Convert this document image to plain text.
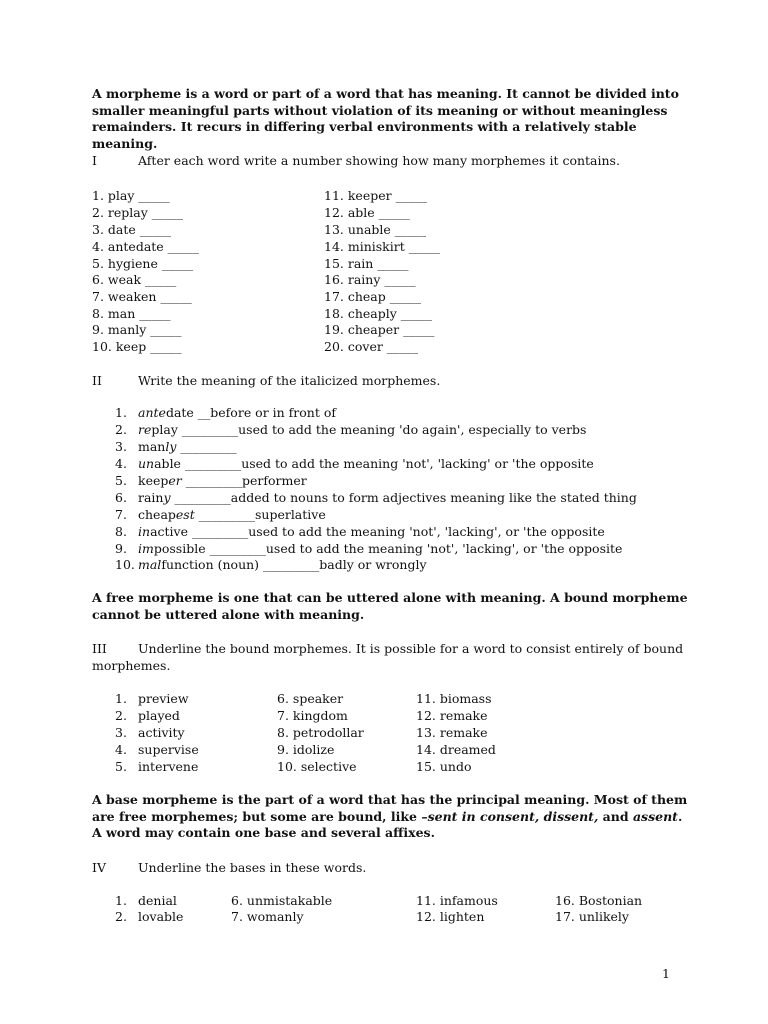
A morpheme is a word or part of a word that has meaning. It cannot be divided into smaller meaningful parts without violation of its meaning or without meaningless remainders. It recurs in differing verbal environments with a relatively stable meaning.
I	After each word write a number showing how many morphemes it contains.
1. play _____
2. replay _____
3. date _____
4. antedate _____
5. hygiene _____
6. weak _____
7. weaken _____
8. man _____
9. manly _____
10. keep _____
11. keeper _____
12. able _____
13. unable _____
14. miniskirt _____
15. rain _____
16. rainy _____
17. cheap _____
18. cheaply _____
19. cheaper _____
20. cover _____
II	Write the meaning of the italicized morphemes.
1. antedate __before or in front of
2. replay _________used to add the meaning 'do again', especially to verbs
3. manly _________
4. unable _________used to add the meaning 'not', 'lacking' or 'the opposite
5. keeper _________performer
6. rainy _________added to nouns to form adjectives meaning like the stated thing
7. cheapest _________superlative
8. inactive _________used to add the meaning 'not', 'lacking', or 'the opposite
9. impossible _________used to add the meaning 'not', 'lacking', or 'the opposite
10. malfunction (noun) _________badly or wrongly
A free morpheme is one that can be uttered alone with meaning. A bound morpheme cannot be uttered alone with meaning.
III Underline the bound morphemes. It is possible for a word to consist entirely of bound
morphemes.
1. preview
2. played
3. activity
4. supervise
5. intervene
6. speaker
7. kingdom
8. petrodollar
9. idolize
10. selective
11. biomass
12. remake
13. remake
14. dreamed
15. undo
A base morpheme is the part of a word that has the principal meaning. Most of them are free morphemes; but some are bound, like –sent in consent, dissent, and assent. A word may contain one base and several affixes.
IV	Underline the bases in these words.
1. denial
2. lovable
6. unmistakable
7. womanly
11. infamous
12. lighten
16. Bostonian
17. unlikely
1
